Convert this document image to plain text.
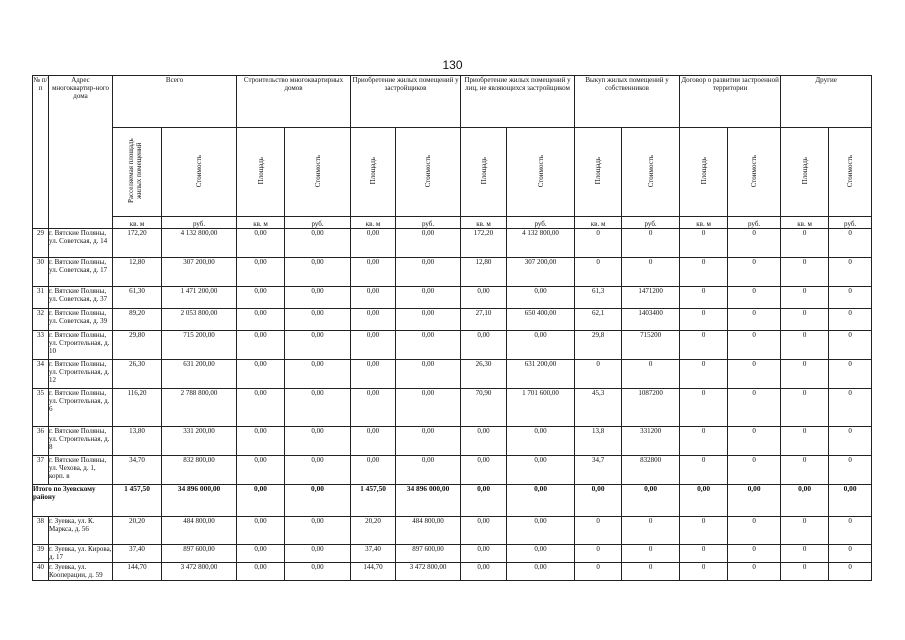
130
№ п/п	Адрес многоквартир-ного дома	Всего		Строительство многоквартирных домов		Приобретение жилых помещений у застройщиков		Приобретение жилых помещений у лиц, не являющихся застройщиком		Выкуп жилых помещений у собственников		Договор о развитии застроенной территории		Другие	
		Расселяемая площадь жилых помещений	Стоимость	Площадь	Стоимость	Площадь	Стоимость	Площадь	Стоимость	Площадь	Стоимость	Площадь	Стоимость	Площадь	Стоимость
		кв. м	руб.	кв. м	руб.	кв. м	руб.	кв. м	руб.	кв. м	руб.	кв. м	руб.	кв. м	руб.
29	г. Вятские Поляны, ул. Советская, д. 14	172,20	4 132 800,00	0,00	0,00	0,00	0,00	172,20	4 132 800,00	0	0	0	0	0	0
30	г. Вятские Поляны, ул. Советская, д. 17	12,80	307 200,00	0,00	0,00	0,00	0,00	12,80	307 200,00	0	0	0	0	0	0
31	г. Вятские Поляны, ул. Советская, д. 37	61,30	1 471 200,00	0,00	0,00	0,00	0,00	0,00	0,00	61,3	1471200	0	0	0	0
32	г. Вятские Поляны, ул. Советская, д. 39	89,20	2 053 800,00	0,00	0,00	0,00	0,00	27,10	650 400,00	62,1	1403400	0	0	0	0
33	г. Вятские Поляны, ул. Строительная, д. 10	29,80	715 200,00	0,00	0,00	0,00	0,00	0,00	0,00	29,8	715200	0	0	0	0
34	г. Вятские Поляны, ул. Строительная, д. 12	26,30	631 200,00	0,00	0,00	0,00	0,00	26,30	631 200,00	0	0	0	0	0	0
35	г. Вятские Поляны, ул. Строительная, д. 6	116,20	2 788 800,00	0,00	0,00	0,00	0,00	70,90	1 701 600,00	45,3	1087200	0	0	0	0
36	г. Вятские Поляны, ул. Строительная, д. 8	13,80	331 200,00	0,00	0,00	0,00	0,00	0,00	0,00	13,8	331200	0	0	0	0
37	г. Вятские Поляны, ул. Чехова, д. 1, корп. в	34,70	832 800,00	0,00	0,00	0,00	0,00	0,00	0,00	34,7	832800	0	0	0	0
Итого по Зуевскому району		1 457,50	34 896 000,00	0,00	0,00	1 457,50	34 896 000,00	0,00	0,00	0,00	0,00	0,00	0,00	0,00	0,00
38	г. Зуевка, ул. К. Маркса, д. 56	20,20	484 800,00	0,00	0,00	20,20	484 800,00	0,00	0,00	0	0	0	0	0	0
39	г. Зуевка, ул. Кирова, д. 17	37,40	897 600,00	0,00	0,00	37,40	897 600,00	0,00	0,00	0	0	0	0	0	0
40	г. Зуевка, ул. Кооперации, д. 59	144,70	3 472 800,00	0,00	0,00	144,70	3 472 800,00	0,00	0,00	0	0	0	0	0	0
